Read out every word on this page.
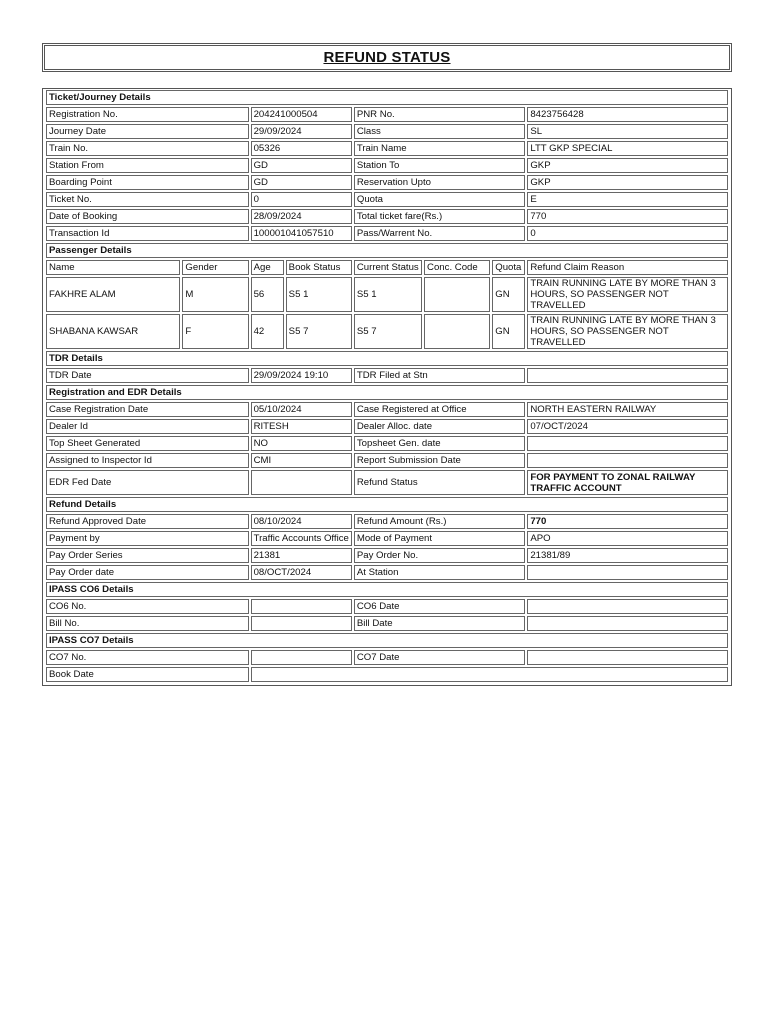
REFUND STATUS
Ticket/Journey Details							
Registration No.		204241000504		PNR No.			8423756428
Journey Date		29/09/2024		Class			SL
Train No.		05326		Train Name			LTT GKP SPECIAL
Station From		GD		Station To			GKP
Boarding Point		GD		Reservation Upto			GKP
Ticket No.		0		Quota			E
Date of Booking		28/09/2024		Total ticket fare(Rs.)			770
Transaction Id		100001041057510		Pass/Warrent No.			0
Passenger Details							
Name	Gender	Age	Book Status	Current Status	Conc. Code	Quota	Refund Claim Reason
FAKHRE ALAM	M	56	S5 1	S5 1		GN	TRAIN RUNNING LATE BY MORE THAN 3 HOURS, SO PASSENGER NOT TRAVELLED
SHABANA KAWSAR	F	42	S5 7	S5 7		GN	TRAIN RUNNING LATE BY MORE THAN 3 HOURS, SO PASSENGER NOT TRAVELLED
TDR Details							
TDR Date		29/09/2024 19:10		TDR Filed at Stn			
Registration and EDR Details							
Case Registration Date		05/10/2024		Case Registered at Office			NORTH EASTERN RAILWAY
Dealer Id		RITESH		Dealer Alloc. date			07/OCT/2024
Top Sheet Generated		NO		Topsheet Gen. date			
Assigned to Inspector Id		CMI		Report Submission Date			
EDR Fed Date				Refund Status			FOR PAYMENT TO ZONAL RAILWAY TRAFFIC ACCOUNT
Refund Details							
Refund Approved Date		08/10/2024		Refund Amount (Rs.)			770
Payment by		Traffic Accounts Office		Mode of Payment			APO
Pay Order Series		21381		Pay Order No.			21381/89
Pay Order date		08/OCT/2024		At Station			
IPASS CO6 Details							
CO6 No.				CO6 Date			
Bill No.				Bill Date			
IPASS CO7 Details							
CO7 No.				CO7 Date			
Book Date							
